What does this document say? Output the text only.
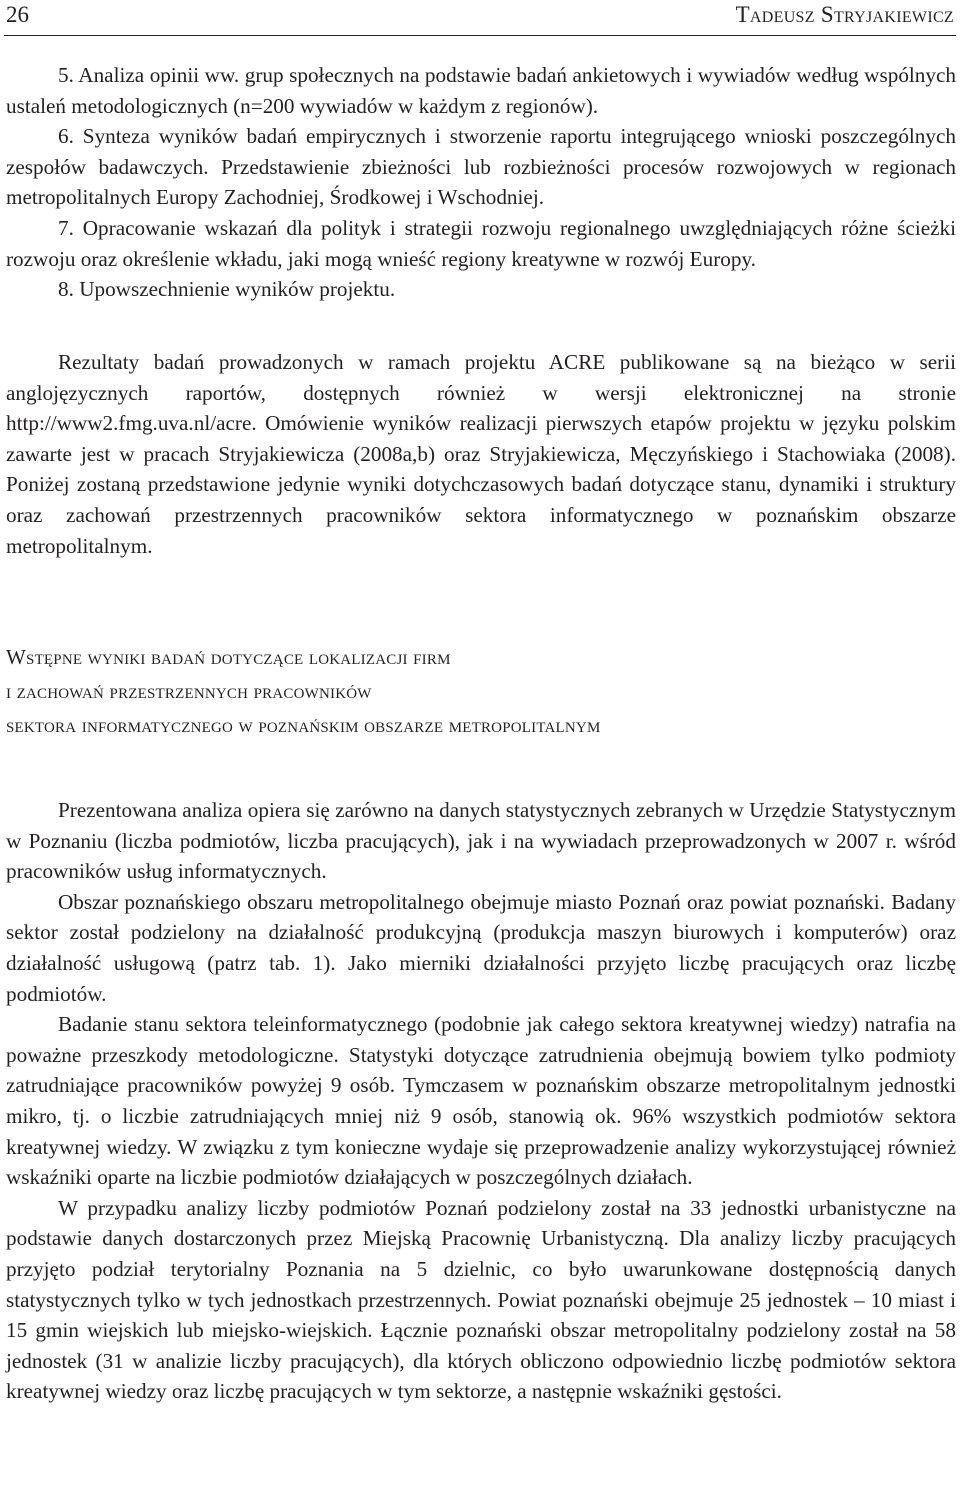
26	Tadeusz Stryjakiewicz

5. Analiza opinii ww. grup społecznych na podstawie badań ankietowych i wywiadów według wspólnych ustaleń metodologicznych (n=200 wywiadów w każdym z regionów).

6. Synteza wyników badań empirycznych i stworzenie raportu integrującego wnioski poszczególnych zespołów badawczych. Przedstawienie zbieżności lub rozbieżności procesów rozwojowych w regionach metropolitalnych Europy Zachodniej, Środkowej i Wschodniej.

7. Opracowanie wskazań dla polityk i strategii rozwoju regionalnego uwzględniających różne ścieżki rozwoju oraz określenie wkładu, jaki mogą wnieść regiony kreatywne w rozwój Europy.

8. Upowszechnienie wyników projektu.

Rezultaty badań prowadzonych w ramach projektu ACRE publikowane są na bieżąco w serii anglojęzycznych raportów, dostępnych również w wersji elektronicznej na stronie http://www2.fmg.uva.nl/acre. Omówienie wyników realizacji pierwszych etapów projektu w języku polskim zawarte jest w pracach Stryjakiewicza (2008a,b) oraz Stryjakiewicza, Męczyńskiego i Stachowiaka (2008). Poniżej zostaną przedstawione jedynie wyniki dotychczasowych badań dotyczące stanu, dynamiki i struktury oraz zachowań przestrzennych pracowników sektora informatycznego w poznańskim obszarze metropolitalnym.

Wstępne wyniki badań dotyczące lokalizacji firm
i zachowań przestrzennych pracowników
sektora informatycznego w poznańskim obszarze metropolitalnym

Prezentowana analiza opiera się zarówno na danych statystycznych zebranych w Urzędzie Statystycznym w Poznaniu (liczba podmiotów, liczba pracujących), jak i na wywiadach przeprowadzonych w 2007 r. wśród pracowników usług informatycznych.

Obszar poznańskiego obszaru metropolitalnego obejmuje miasto Poznań oraz powiat poznański. Badany sektor został podzielony na działalność produkcyjną (produkcja maszyn biurowych i komputerów) oraz działalność usługową (patrz tab. 1). Jako mierniki działalności przyjęto liczbę pracujących oraz liczbę podmiotów.

Badanie stanu sektora teleinformatycznego (podobnie jak całego sektora kreatywnej wiedzy) natrafia na poważne przeszkody metodologiczne. Statystyki dotyczące zatrudnienia obejmują bowiem tylko podmioty zatrudniające pracowników powyżej 9 osób. Tymczasem w poznańskim obszarze metropolitalnym jednostki mikro, tj. o liczbie zatrudniających mniej niż 9 osób, stanowią ok. 96% wszystkich podmiotów sektora kreatywnej wiedzy. W związku z tym konieczne wydaje się przeprowadzenie analizy wykorzystującej również wskaźniki oparte na liczbie podmiotów działających w poszczególnych działach.

W przypadku analizy liczby podmiotów Poznań podzielony został na 33 jednostki urbanistyczne na podstawie danych dostarczonych przez Miejską Pracownię Urbanistyczną. Dla analizy liczby pracujących przyjęto podział terytorialny Poznania na 5 dzielnic, co było uwarunkowane dostępnością danych statystycznych tylko w tych jednostkach przestrzennych. Powiat poznański obejmuje 25 jednostek – 10 miast i 15 gmin wiejskich lub miejsko-wiejskich. Łącznie poznański obszar metropolitalny podzielony został na 58 jednostek (31 w analizie liczby pracujących), dla których obliczono odpowiednio liczbę podmiotów sektora kreatywnej wiedzy oraz liczbę pracujących w tym sektorze, a następnie wskaźniki gęstości.
